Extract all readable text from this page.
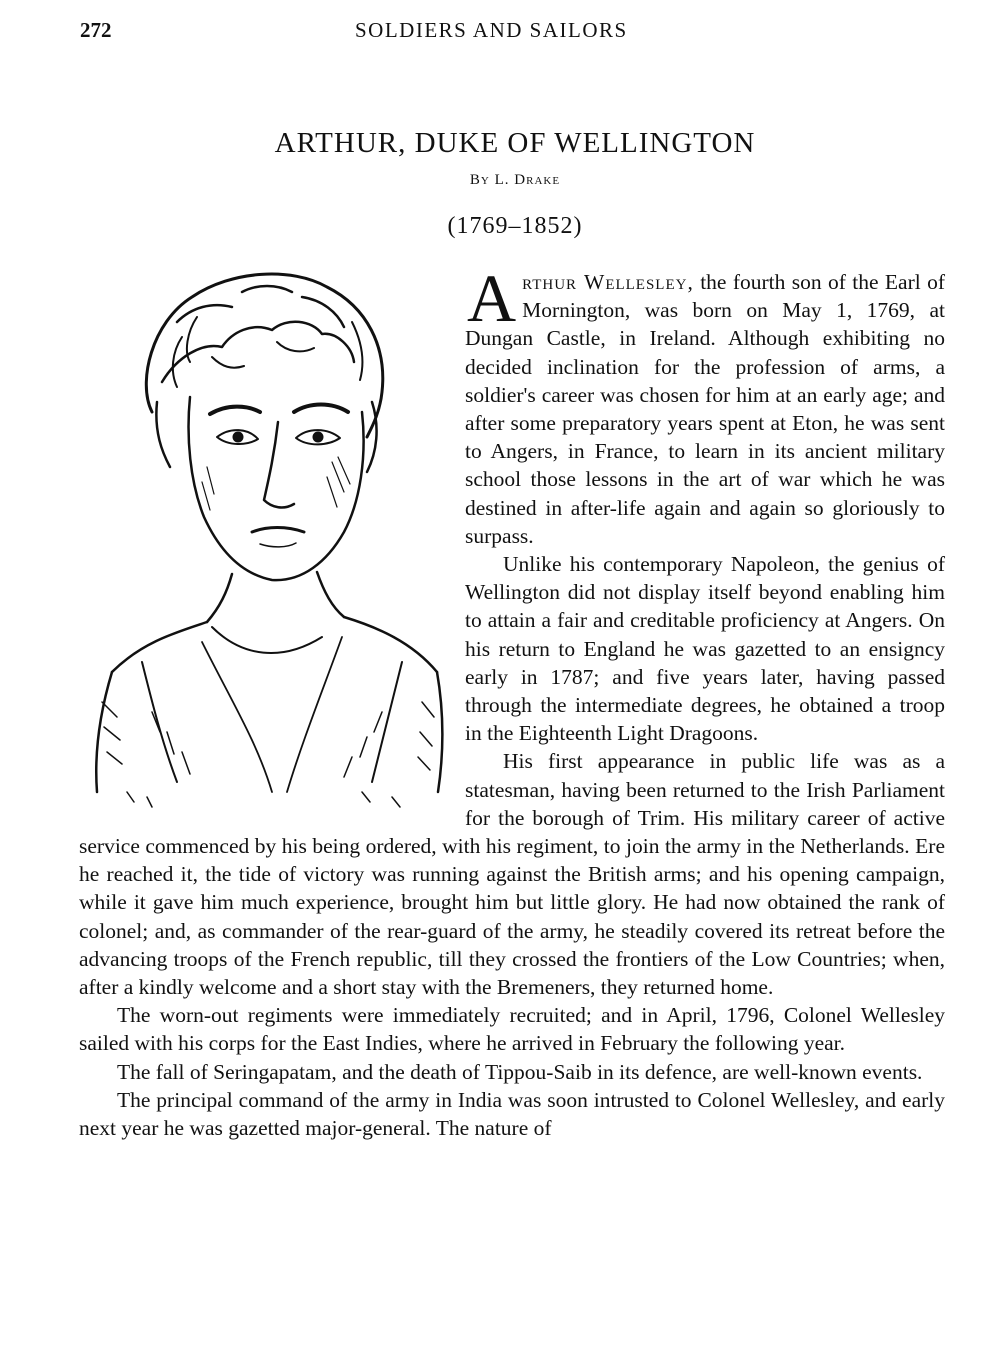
272	SOLDIERS AND SAILORS
ARTHUR, DUKE OF WELLINGTON
By L. Drake
(1769–1852)

Arthur Wellesley, the fourth son of the Earl of Mornington, was born on May 1, 1769, at Dungan Castle, in Ireland. Although exhibiting no decided inclination for the profession of arms, a soldier's career was chosen for him at an early age; and after some preparatory years spent at Eton, he was sent to Angers, in France, to learn in its ancient military school those lessons in the art of war which he was destined in after-life again and again so gloriously to surpass.

Unlike his contemporary Napoleon, the genius of Wellington did not display itself beyond enabling him to attain a fair and creditable proficiency at Angers. On his return to England he was gazetted to an ensigncy early in 1787; and five years later, having passed through the intermediate degrees, he obtained a troop in the Eighteenth Light Dragoons.

His first appearance in public life was as a statesman, having been returned to the Irish Parliament for the borough of Trim. His military career of active service commenced by his being ordered, with his regiment, to join the army in the Netherlands. Ere he reached it, the tide of victory was running against the British arms; and his opening campaign, while it gave him much experience, brought him but little glory. He had now obtained the rank of colonel; and, as commander of the rear-guard of the army, he steadily covered its retreat before the advancing troops of the French republic, till they crossed the frontiers of the Low Countries; when, after a kindly welcome and a short stay with the Bremeners, they returned home.

The worn-out regiments were immediately recruited; and in April, 1796, Colonel Wellesley sailed with his corps for the East Indies, where he arrived in February the following year.

The fall of Seringapatam, and the death of Tippou-Saib in its defence, are well-known events.

The principal command of the army in India was soon intrusted to Colonel Wellesley, and early next year he was gazetted major-general. The nature of
